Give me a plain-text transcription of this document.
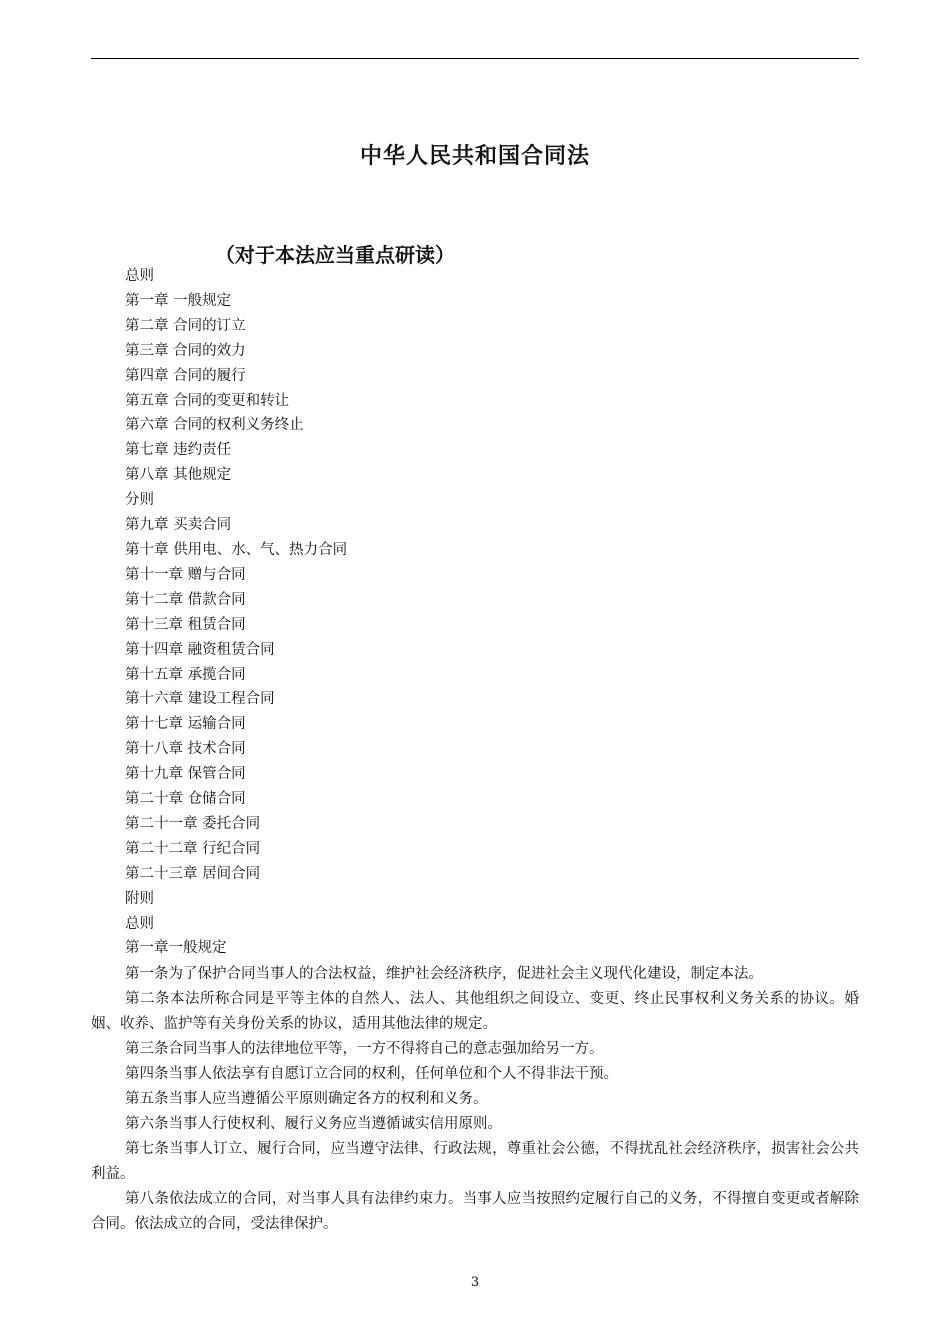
中华人民共和国合同法
（对于本法应当重点研读）
总则
第一章 一般规定
第二章 合同的订立
第三章 合同的效力
第四章 合同的履行
第五章 合同的变更和转让
第六章 合同的权利义务终止
第七章 违约责任
第八章 其他规定
分则
第九章 买卖合同
第十章 供用电、水、气、热力合同
第十一章 赠与合同
第十二章 借款合同
第十三章 租赁合同
第十四章 融资租赁合同
第十五章 承揽合同
第十六章 建设工程合同
第十七章 运输合同
第十八章 技术合同
第十九章 保管合同
第二十章 仓储合同
第二十一章 委托合同
第二十二章 行纪合同
第二十三章 居间合同
附则
总则
第一章一般规定

第一条为了保护合同当事人的合法权益，维护社会经济秩序，促进社会主义现代化建设，制定本法。

第二条本法所称合同是平等主体的自然人、法人、其他组织之间设立、变更、终止民事权利义务关系的协议。婚姻、收养、监护等有关身份关系的协议，适用其他法律的规定。

第三条合同当事人的法律地位平等，一方不得将自己的意志强加给另一方。

第四条当事人依法享有自愿订立合同的权利，任何单位和个人不得非法干预。

第五条当事人应当遵循公平原则确定各方的权利和义务。

第六条当事人行使权利、履行义务应当遵循诚实信用原则。

第七条当事人订立、履行合同，应当遵守法律、行政法规，尊重社会公德，不得扰乱社会经济秩序，损害社会公共利益。

第八条依法成立的合同，对当事人具有法律约束力。当事人应当按照约定履行自己的义务，不得擅自变更或者解除合同。依法成立的合同，受法律保护。

3
